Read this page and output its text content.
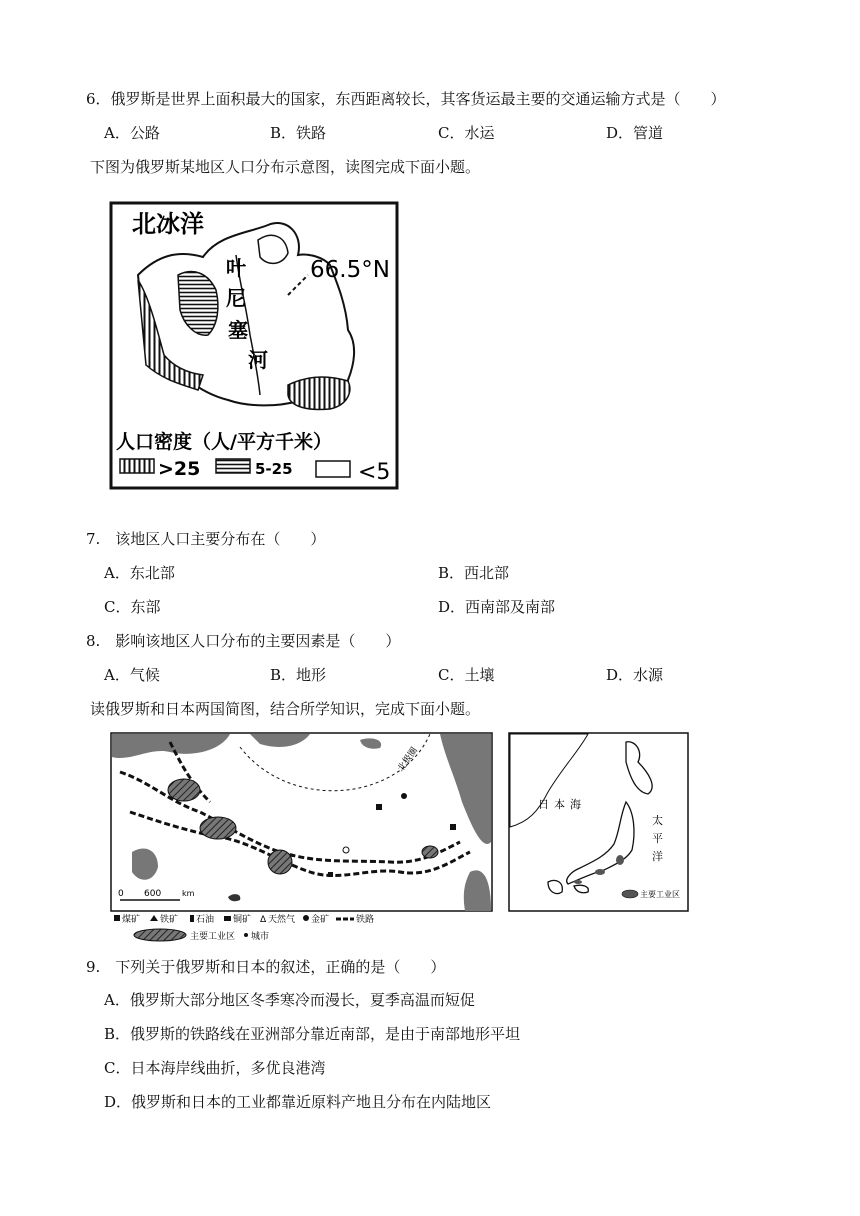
6．俄罗斯是世界上面积最大的国家，东西距离较长，其客货运最主要的交通运输方式是（　　）
A．公路	B．铁路	C．水运	D．管道
下图为俄罗斯某地区人口分布示意图，读图完成下面小题。
北冰洋
叶
尼
塞
河
66.5°N
人口密度（人/平方千米）
>25	5-25	<5
7.　该地区人口主要分布在（　　）
A．东北部	B．西北部
C．东部	D．西南部及南部
8.　影响该地区人口分布的主要因素是（　　）
A．气候	B．地形	C．土壤	D．水源
读俄罗斯和日本两国简图，结合所学知识，完成下面小题。
北极圈
0 600	km
煤矿 铁矿 石油 铜矿 Δ 天然气 金矿	铁路
主要工业区 城市
日 本 海
太
平
洋
主要工业区
9.　下列关于俄罗斯和日本的叙述，正确的是（　　）
A．俄罗斯大部分地区冬季寒冷而漫长，夏季高温而短促
B．俄罗斯的铁路线在亚洲部分靠近南部，是由于南部地形平坦
C．日本海岸线曲折，多优良港湾
D．俄罗斯和日本的工业都靠近原料产地且分布在内陆地区
